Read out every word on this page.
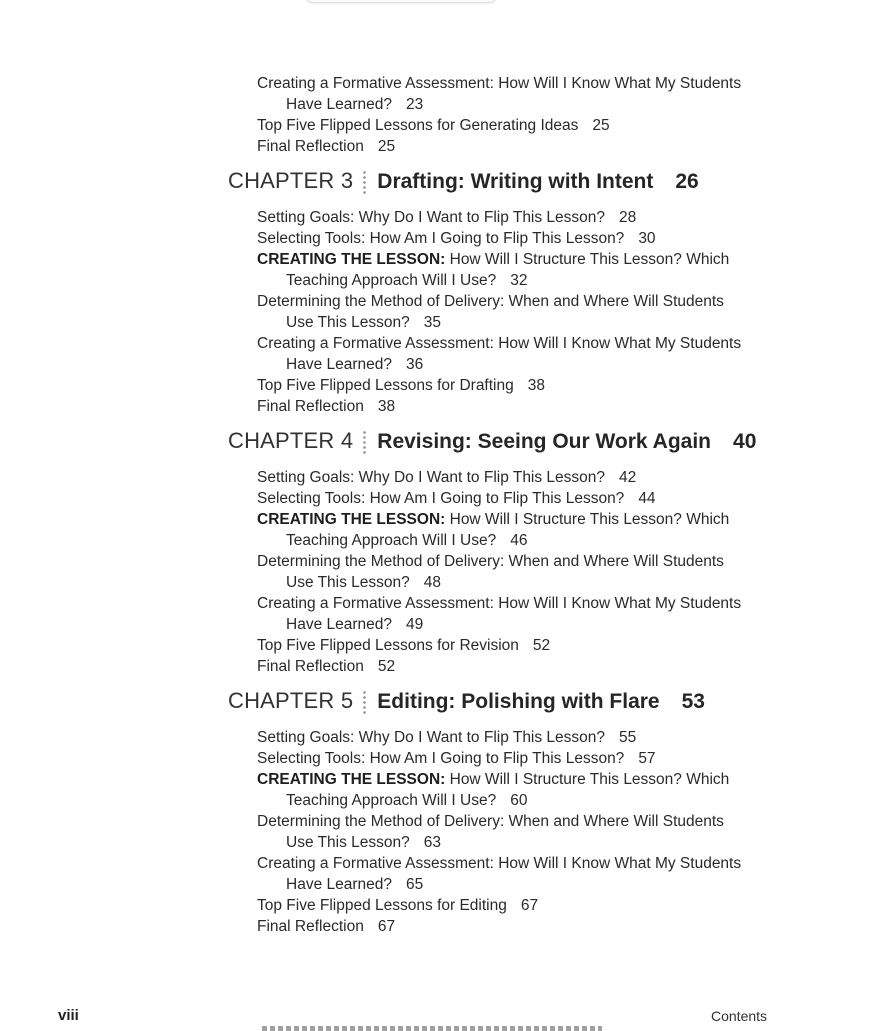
Creating a Formative Assessment: How Will I Know What My Students
Have Learned? 23
Top Five Flipped Lessons for Generating Ideas 25
Final Reflection 25
CHAPTER 3 Drafting: Writing with Intent 26
Setting Goals: Why Do I Want to Flip This Lesson? 28
Selecting Tools: How Am I Going to Flip This Lesson? 30
CREATING THE LESSON: How Will I Structure This Lesson? Which
Teaching Approach Will I Use? 32
Determining the Method of Delivery: When and Where Will Students
Use This Lesson? 35
Creating a Formative Assessment: How Will I Know What My Students
Have Learned? 36
Top Five Flipped Lessons for Drafting 38
Final Reflection 38
CHAPTER 4 Revising: Seeing Our Work Again 40
Setting Goals: Why Do I Want to Flip This Lesson? 42
Selecting Tools: How Am I Going to Flip This Lesson? 44
CREATING THE LESSON: How Will I Structure This Lesson? Which
Teaching Approach Will I Use? 46
Determining the Method of Delivery: When and Where Will Students
Use This Lesson? 48
Creating a Formative Assessment: How Will I Know What My Students
Have Learned? 49
Top Five Flipped Lessons for Revision 52
Final Reflection 52
CHAPTER 5 Editing: Polishing with Flare 53
Setting Goals: Why Do I Want to Flip This Lesson? 55
Selecting Tools: How Am I Going to Flip This Lesson? 57
CREATING THE LESSON: How Will I Structure This Lesson? Which
Teaching Approach Will I Use? 60
Determining the Method of Delivery: When and Where Will Students
Use This Lesson? 63
Creating a Formative Assessment: How Will I Know What My Students
Have Learned? 65
Top Five Flipped Lessons for Editing 67
Final Reflection 67
viii	Contents
